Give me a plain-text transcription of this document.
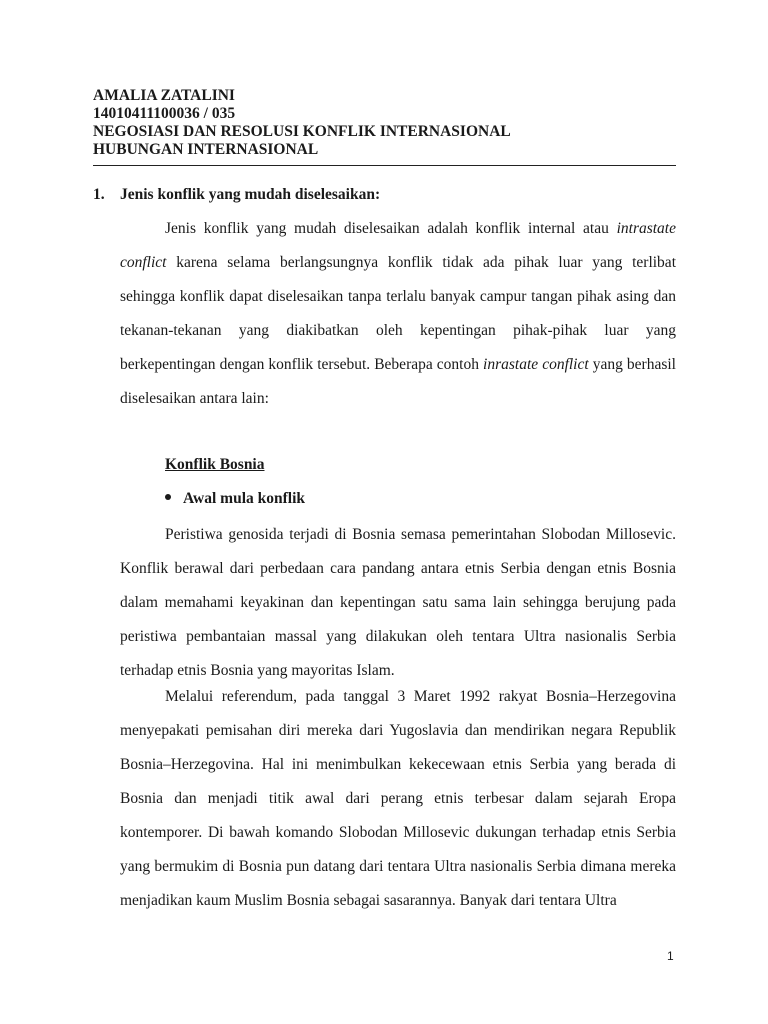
AMALIA ZATALINI
14010411100036 / 035
NEGOSIASI DAN RESOLUSI KONFLIK INTERNASIONAL
HUBUNGAN INTERNASIONAL
1. Jenis konflik yang mudah diselesaikan:

Jenis konflik yang mudah diselesaikan adalah konflik internal atau intrastate conflict karena selama berlangsungnya konflik tidak ada pihak luar yang terlibat sehingga konflik dapat diselesaikan tanpa terlalu banyak campur tangan pihak asing dan tekanan-tekanan yang diakibatkan oleh kepentingan pihak-pihak luar yang berkepentingan dengan konflik tersebut. Beberapa contoh inrastate conflict yang berhasil diselesaikan antara lain:

Konflik Bosnia
Awal mula konflik

Peristiwa genosida terjadi di Bosnia semasa pemerintahan Slobodan Millosevic. Konflik berawal dari perbedaan cara pandang antara etnis Serbia dengan etnis Bosnia dalam memahami keyakinan dan kepentingan satu sama lain sehingga berujung pada peristiwa pembantaian massal yang dilakukan oleh tentara Ultra nasionalis Serbia terhadap etnis Bosnia yang mayoritas Islam.

Melalui referendum, pada tanggal 3 Maret 1992 rakyat Bosnia–Herzegovina menyepakati pemisahan diri mereka dari Yugoslavia dan mendirikan negara Republik Bosnia–Herzegovina. Hal ini menimbulkan kekecewaan etnis Serbia yang berada di Bosnia dan menjadi titik awal dari perang etnis terbesar dalam sejarah Eropa kontemporer. Di bawah komando Slobodan Millosevic dukungan terhadap etnis Serbia yang bermukim di Bosnia pun datang dari tentara Ultra nasionalis Serbia dimana mereka menjadikan kaum Muslim Bosnia sebagai sasarannya. Banyak dari tentara Ultra

1
